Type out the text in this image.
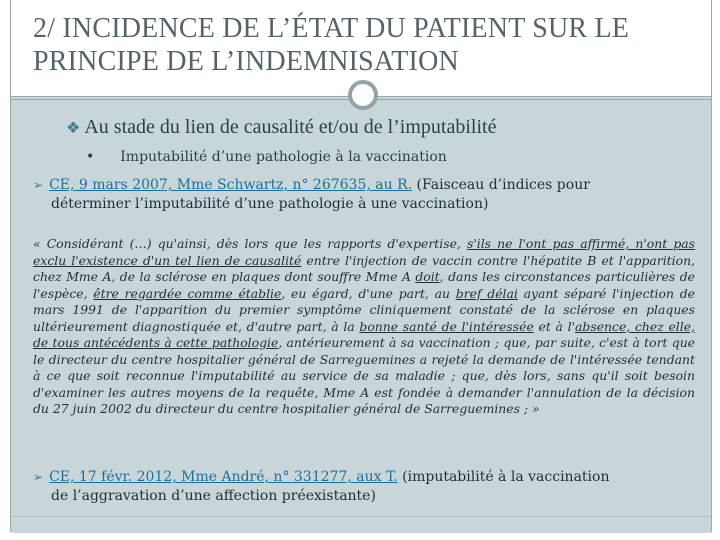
2/ INCIDENCE DE L’ÉTAT DU PATIENT SUR LE PRINCIPE DE L’INDEMNISATION
❖ Au stade du lien de causalité et/ou de l’imputabilité
• Imputabilité d’une pathologie à la vaccination
➢ CE, 9 mars 2007, Mme Schwartz, n° 267635, au R. (Faisceau d’indices pour
déterminer l’imputabilité d’une pathologie à une vaccination)
« Considérant (…) qu'ainsi, dès lors que les rapports d'expertise, s'ils ne l'ont pas affirmé, n'ont pas exclu l'existence d'un tel lien de causalité entre l'injection de vaccin contre l'hépatite B et l'apparition, chez Mme A, de la sclérose en plaques dont souffre Mme A doit, dans les circonstances particulières de l'espèce, être regardée comme établie, eu égard, d'une part, au bref délai ayant séparé l'injection de mars 1991 de l'apparition du premier symptôme cliniquement constaté de la sclérose en plaques ultérieurement diagnostiquée et, d'autre part, à la bonne santé de l'intéressée et à l'absence, chez elle, de tous antécédents à cette pathologie, antérieurement à sa vaccination ; que, par suite, c'est à tort que le directeur du centre hospitalier général de Sarreguemines a rejeté la demande de l'intéressée tendant à ce que soit reconnue l'imputabilité au service de sa maladie ; que, dès lors, sans qu'il soit besoin d'examiner les autres moyens de la requête, Mme A est fondée à demander l'annulation de la décision du 27 juin 2002 du directeur du centre hospitalier général de Sarreguemines ; »
➢ CE, 17 févr. 2012, Mme André, n° 331277, aux T. (imputabilité à la vaccination
de l’aggravation d’une affection préexistante)
